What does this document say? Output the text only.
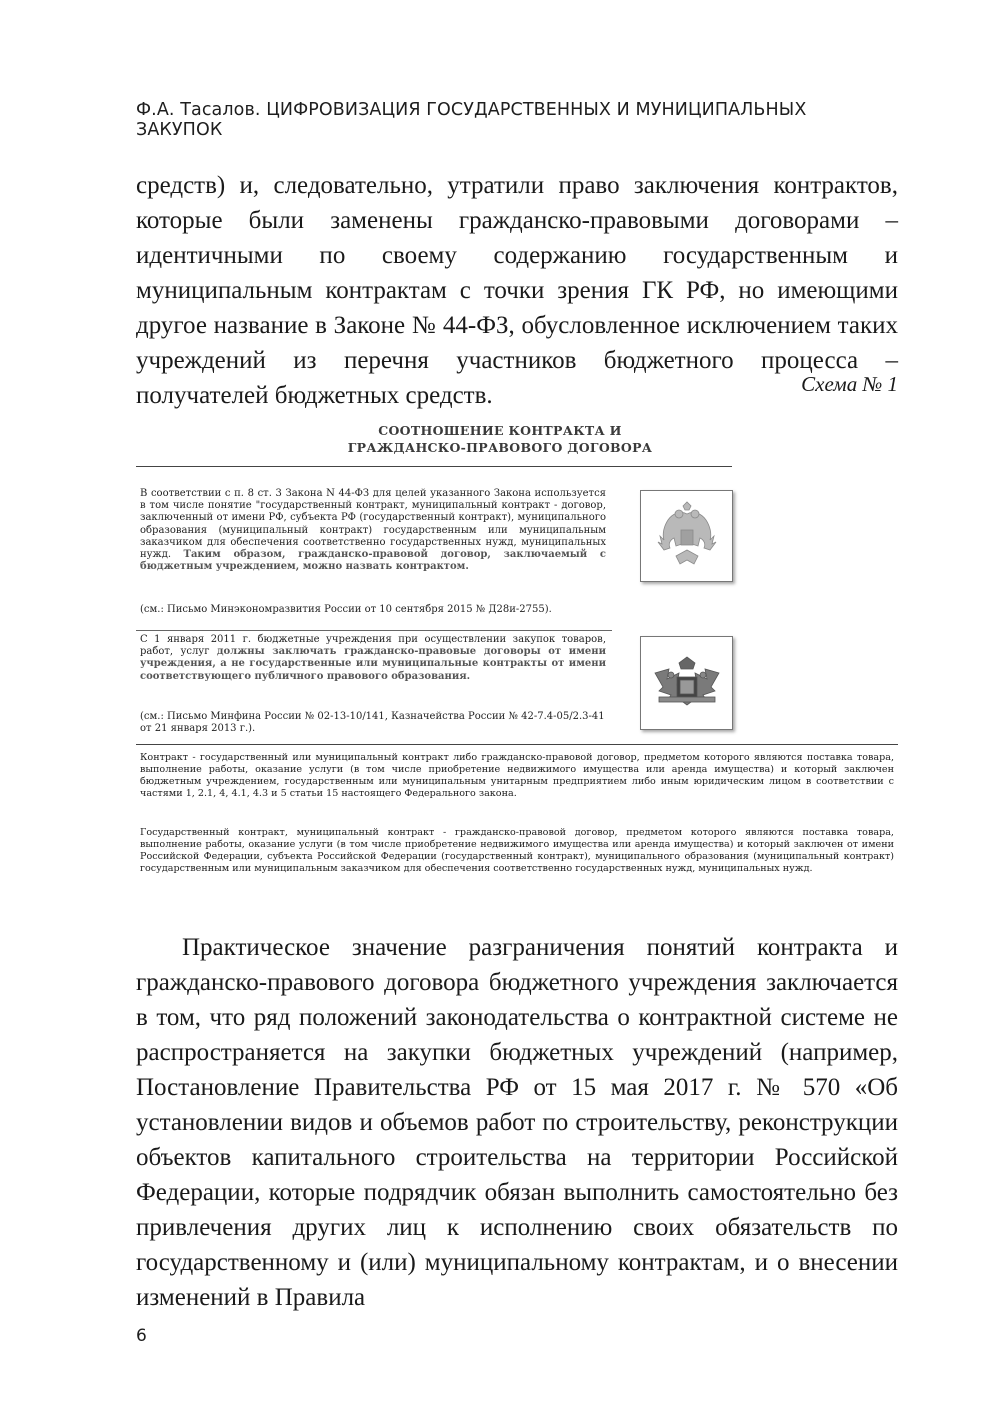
Ф.А. Тасалов. ЦИФРОВИЗАЦИЯ ГОСУДАРСТВЕННЫХ И МУНИЦИПАЛЬНЫХ ЗАКУПОК
средств) и, следовательно, утратили право заключения контрактов, которые были заменены гражданско-правовыми договорами – идентичными по своему содержанию государственным и муниципальным контрактам с точки зрения ГК РФ, но имеющими другое название в Законе № 44-ФЗ, обусловленное исключением таких учреждений из перечня участников бюджетного процесса – получателей бюджетных средств.	Схема № 1
СООТНОШЕНИЕ КОНТРАКТА И
ГРАЖДАНСКО-ПРАВОВОГО ДОГОВОРА
В соответствии с п. 8 ст. 3 Закона N 44-ФЗ для целей указанного Закона используется в том числе понятие "государственный контракт, муниципальный контракт - договор, заключенный от имени РФ, субъекта РФ (государственный контракт), муниципального образования (муниципальный контракт) государственным или муниципальным заказчиком для обеспечения соответственно государственных нужд, муниципальных нужд. Таким образом, гражданско-правовой договор, заключаемый с бюджетным учреждением, можно назвать контрактом.
(см.: Письмо Минэкономразвития России от 10 сентября 2015 № Д28и-2755).
С 1 января 2011 г. бюджетные учреждения при осуществлении закупок товаров, работ, услуг должны заключать гражданско-правовые договоры от имени учреждения, а не государственные или муниципальные контракты от имени соответствующего публичного правового образования.
(см.: Письмо Минфина России № 02-13-10/141, Казначейства России № 42-7.4-05/2.3-41 от 21 января 2013 г.).
Контракт - государственный или муниципальный контракт либо гражданско-правовой договор, предметом которого являются поставка товара, выполнение работы, оказание услуги (в том числе приобретение недвижимого имущества или аренда имущества) и который заключен бюджетным учреждением, государственным или муниципальным унитарным предприятием либо иным юридическим лицом в соответствии с частями 1, 2.1, 4, 4.1, 4.3 и 5 статьи 15 настоящего Федерального закона.
Государственный контракт, муниципальный контракт - гражданско-правовой договор, предметом которого являются поставка товара, выполнение работы, оказание услуги (в том числе приобретение недвижимого имущества или аренда имущества) и который заключен от имени Российской Федерации, субъекта Российской Федерации (государственный контракт), муниципального образования (муниципальный контракт) государственным или муниципальным заказчиком для обеспечения соответственно государственных нужд, муниципальных нужд.
Практическое значение разграничения понятий контракта и гражданско-правового договора бюджетного учреждения заключается в том, что ряд положений законодательства о контрактной системе не распространяется на закупки бюджетных учреждений (например, Постановление Правительства РФ от 15 мая 2017 г. № 570 «Об установлении видов и объемов работ по строительству, реконструкции объектов капитального строительства на территории Российской Федерации, которые подрядчик обязан выполнить самостоятельно без привлечения других лиц к исполнению своих обязательств по государственному и (или) муниципальному контрактам, и о внесении изменений в Правила
6
